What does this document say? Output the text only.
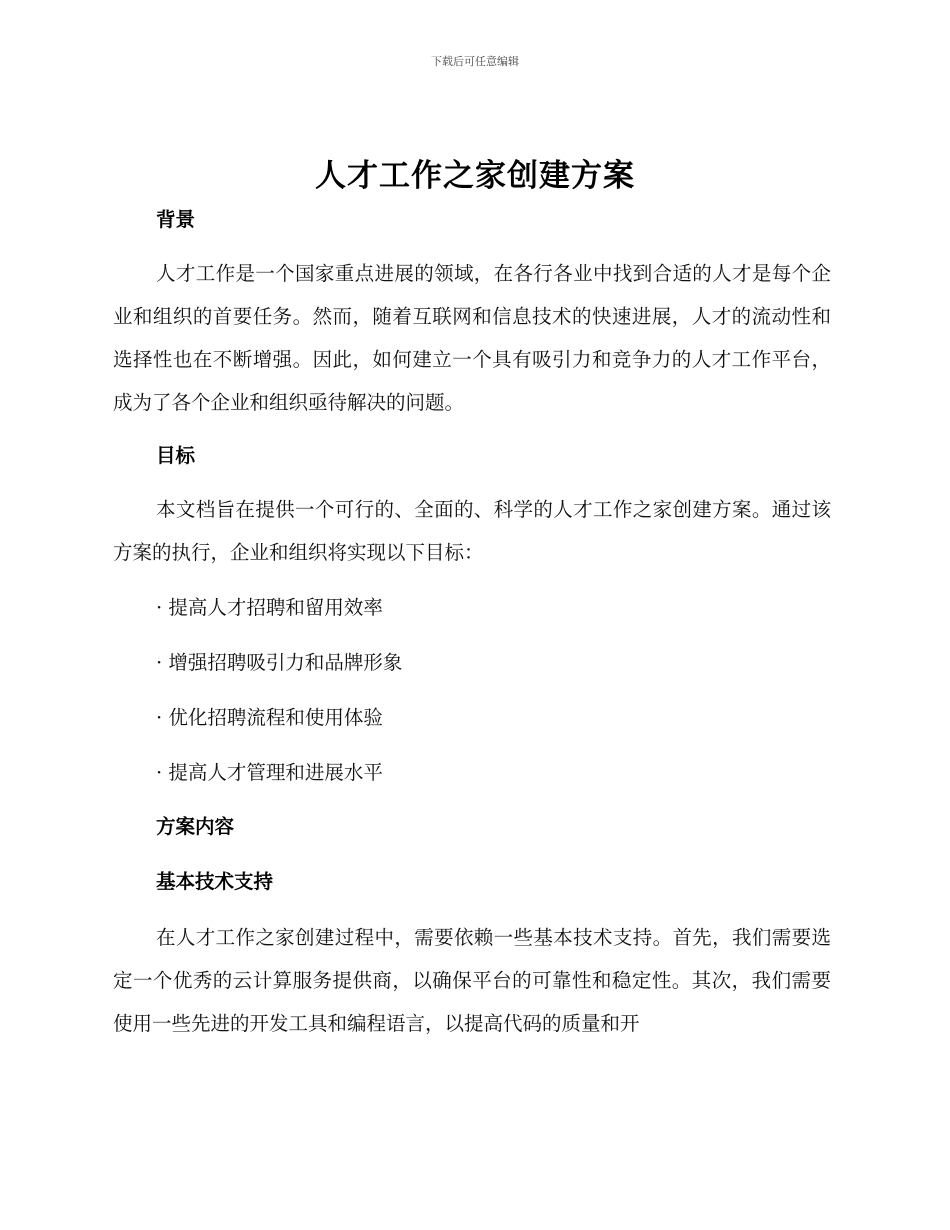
下载后可任意编辑
人才工作之家创建方案
背景

人才工作是一个国家重点进展的领域，在各行各业中找到合适的人才是每个企业和组织的首要任务。然而，随着互联网和信息技术的快速进展，人才的流动性和选择性也在不断增强。因此，如何建立一个具有吸引力和竞争力的人才工作平台，成为了各个企业和组织亟待解决的问题。

目标

本文档旨在提供一个可行的、全面的、科学的人才工作之家创建方案。通过该方案的执行，企业和组织将实现以下目标：

· 提高人才招聘和留用效率

· 增强招聘吸引力和品牌形象

· 优化招聘流程和使用体验

· 提高人才管理和进展水平

方案内容
基本技术支持

在人才工作之家创建过程中，需要依赖一些基本技术支持。首先，我们需要选定一个优秀的云计算服务提供商，以确保平台的可靠性和稳定性。其次，我们需要使用一些先进的开发工具和编程语言，以提高代码的质量和开
